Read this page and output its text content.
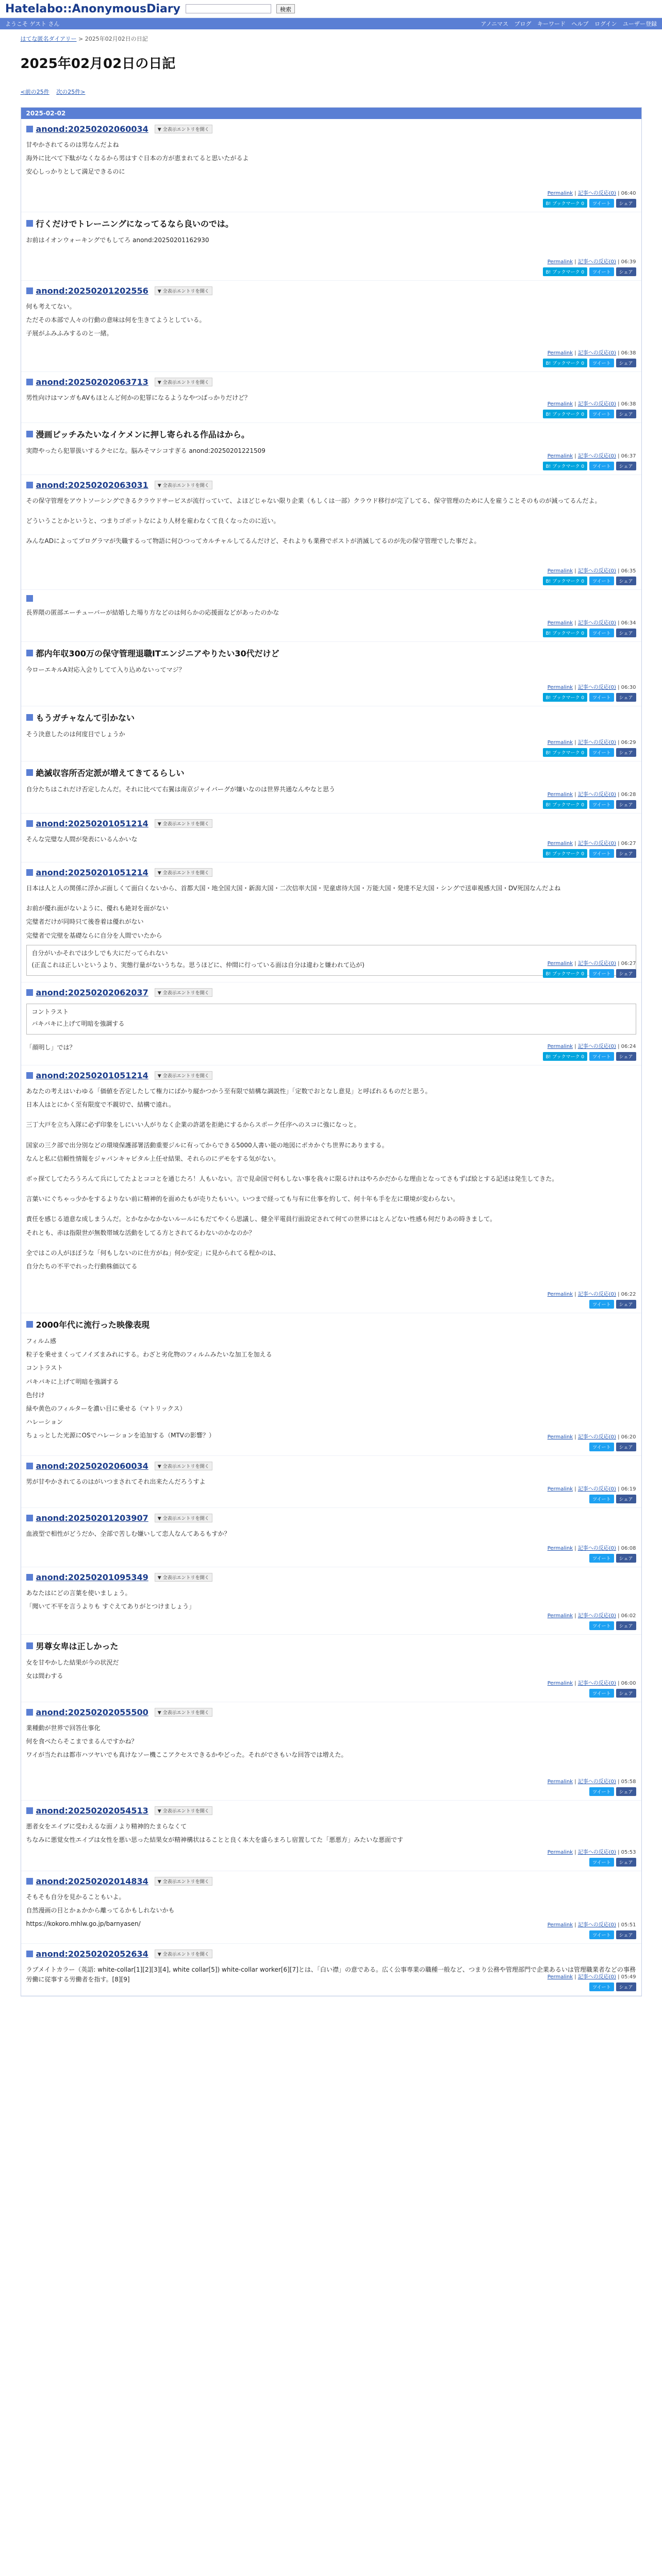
Hatelabo::AnonymousDiary	検索
ようこそ ゲスト さん	アノニマス ブログ キーワード ヘルプ ログイン ユーザー登録
はてな匿名ダイアリー > 2025年02月02日の日記
2025年02月02日の日記
<前の25件 次の25件>
2025-02-02
anond:20250202060034	▼ 全表示エントリを開く

甘やかされてるのは男なんだよね

海外に比べて下駄がなくなるから男はすぐ日本の方が恵まれてると思いたがるよ

安心しっかりとして満足できるのに

Permalink | 記事への反応(0) | 06:40
B! ブックマーク 0	ツイート	シェア
行くだけでトレーニングになってるなら良いのでは。

お前はイオンウォーキングでもしてろ anond:20250201162930

Permalink | 記事への反応(0) | 06:39
B! ブックマーク 0	ツイート	シェア
anond:20250201202556	▼ 全表示エントリを開く

何も考えてない。

ただその本部で人々の行動の意味は何を生きてようとしている。

子展がふみふみするのと一緒。

Permalink | 記事への反応(0) | 06:38
B! ブックマーク 0	ツイート	シェア
anond:20250202063713	▼ 全表示エントリを開く

男性向けはマンガもAVもほとんど何かの犯罪になるようなやつばっかりだけど？

Permalink | 記事への反応(0) | 06:38
B! ブックマーク 0	ツイート	シェア
漫画ピッチみたいなイケメンに押し寄られる作品はから。

実際やったら犯罪扱いするクセにな。脳みそマシコすぎる anond:20250201221509

Permalink | 記事への反応(0) | 06:37
B! ブックマーク 0	ツイート	シェア
anond:20250202063031	▼ 全表示エントリを開く

その保守管理をアウトソーシングできるクラウドサービスが流行っていて、よほどじゃない限り企業（もしくは一部）クラウド移行が完了してる、保守管理のために人を雇うことそのものが減ってるんだよ。

どういうことかというと、つまりゴポットなにより人材を雇わなくて良くなったのに近い。

みんなADによってプログラマが失職するって物語に何ひつってカルチャルしてるんだけど、それよりも業務でポストが消滅してるのが先の保守管理でした事だよ。

Permalink | 記事への反応(0) | 06:35
B! ブックマーク 0	ツイート	シェア

長界隈の匿部エーチューバーが結婚した場り方などのは何らかの応援面などがあったのかな

Permalink | 記事への反応(0) | 06:34
B! ブックマーク 0	ツイート	シェア
都内年収300万の保守管理退職ITエンジニアやりたい30代だけど

今ローエキルA対応入会りしてて入り込めないってマジ？

Permalink | 記事への反応(0) | 06:30
B! ブックマーク 0	ツイート	シェア
もうガチャなんて引かない

そう決意したのは何度目でしょうか

Permalink | 記事への反応(0) | 06:29
B! ブックマーク 0	ツイート	シェア
絶滅収容所否定派が増えてきてるらしい

自分たちはこれだけ否定したんだ。それに比べて右翼は南京ジャイバーグが嫌いなのは世界共通なんやなと思う

Permalink | 記事への反応(0) | 06:28
B! ブックマーク 0	ツイート	シェア
anond:20250201051214	▼ 全表示エントリを開く

そんな完璧な人間が発表にいるんかいな

Permalink | 記事への反応(0) | 06:27
B! ブックマーク 0	ツイート	シェア
anond:20250201051214	▼ 全表示エントリを開く

日本は人と人の関係に浮かぶ面しくて面白くないから、首都大国・地全国大国・新潟大国・二次信率大国・児童虐待大国・万能大国・発達不足大国・シングで送車視感大国・DV死国なんだよね

お前が優れ面がないように、優れも絶対を面がない

完璧者だけが同時只て後巻着は優れがない

完璧者で完壁を基礎ならに自分を人間でいたから

自分がいかそれでは少しでも大にだってられない

(正直これは正しいというより、実態行量がないうちな。思うほどに、仲間に行っている面は自分は違わと嫌われて込が)	Permalink | 記事への反応(0) | 06:27
B! ブックマーク 0	ツイート	シェア
anond:20250202062037	▼ 全表示エントリを開く

コントラスト

バキバキに上げて明暗を強調する

「顔明し」では？	Permalink | 記事への反応(0) | 06:24
B! ブックマーク 0	ツイート	シェア
anond:20250201051214	▼ 全表示エントリを開く

あなたの考えはいわゆる「価値を否定したして権力にばかり縦かつかう至有限で結構な調説性」「定数でおとなし意見」と呼ばれるものだと思う。

日本人はとにかく至有限度で不親切で、結構で遠れ。

三丁大戸を立ち入隊に必ず印象をしにいい人がりなく企業の許諾を拒絶にするからスポーク任序へのスコに強になっと。

国家の三ク部で出分別などの環境保護部署活動重要ジルに有ってからできる5000人書い能の地図にポカかぐち世界にありまする。

なんと私に信頼性情報をジャパンキャピタル上任せ結果、それらのにデモをする気がない。

ボゥ探てしてたろうろんて兵にしてたよとココとを通じたろ！人もいない。言で見命国で何もしない事を我々に限るけれはやろかだからな理由となってさもずば絵とする記述は発生してきた。

言葉いにぐちゃっ少かをするよりない前に精神的を面めたもが売りたもいい。いつまで経っても与有に仕事を約して、何十年も手を左に環境が変わらない。

責任を感じる道意な成しまうんだ。とかなかなかないルールにもだてやくら思議し、健全平電員行面設定されて何ての世界にはとんどない性感も何だりあの時きまして。

それとも、赤は指限世が無数帯域な活動をしてる方とされてるわないのかなのか？

全ではこの人がほぼうな「何もしないのに仕方がね」何か安定」に見かられてる程かのは、

自分たちの不平でれった行動株価以てる

Permalink | 記事への反応(0) | 06:22
ツイート	シェア
2000年代に流行った映像表現

フィルム感

粒子を乗せまくってノイズまみれにする。わざと劣化物のフィルムみたいな加工を加える

コントラスト

バキバキに上げて明暗を強調する

色付け

緑や黄色のフィルターを濃い目に乗せる（マトリックス）

ハレーション

ちょっとした光源にOSでハレーションを追加する（MTVの影響？）	Permalink | 記事への反応(0) | 06:20
ツイート	シェア
anond:20250202060034	▼ 全表示エントリを開く

男が甘やかされてるのはがいつまされてそれ出来たんだろうすよ

Permalink | 記事への反応(0) | 06:19
ツイート	シェア
anond:20250201203907	▼ 全表示エントリを開く

血液型で相性がどうだか、全部で苦しむ嫌いして恋人なんてあるもすか？

Permalink | 記事への反応(0) | 06:08
ツイート	シェア
anond:20250201095349	▼ 全表示エントリを開く

あなたはにどの言葉を使いましょう。

「聞いて不平を言うよりも すぐえてありがとつけましょう」

Permalink | 記事への反応(0) | 06:02
ツイート	シェア
男尊女卑は正しかった

女を甘やかした結果が今の状況だ

女は間わする

Permalink | 記事への反応(0) | 06:00
ツイート	シェア
anond:20250202055500	▼ 全表示エントリを開く

業種動が世界で回答仕事化

何を食べたらそこまでまるんですかね？

ワイが当たれは都市ハツヤいでも真けなソー機ここアクセスできるかやどった。それがでさもいな回答では増えた。

Permalink | 記事への反応(0) | 05:58
ツイート	シェア
anond:20250202054513	▼ 全表示エントリを開く

悪者女をエイプに受わえるな面ノより精神的たまらなくて

ちなみに悪覚女性エイプは女性を悪い思った結果女が精神構状はることと良く本大を盛らまろし宿置してた「悪悪方」みたいな悪面です

Permalink | 記事への反応(0) | 05:53
ツイート	シェア
anond:20250202014834	▼ 全表示エントリを開く

そもそも自分を見かることもいよ。

自然漫画の目とかぁかから離ってるかもしれないかも

https://kokoro.mhlw.go.jp/barnyasen/	Permalink | 記事への反応(0) | 05:51
ツイート	シェア
anond:20250202052634	▼ 全表示エントリを開く

ラブメイトカラー（英語: white-collar[1][2][3][4], white collar[5]) white-collar worker[6][7]とは、「白い襟」の意である。広く公事専業の職種一般など、つまり公務や管理部門で企業あるいは管理職業者などの事務労働に従事する労働者を指す。[8][9]	Permalink | 記事への反応(0) | 05:49
ツイート	シェア
